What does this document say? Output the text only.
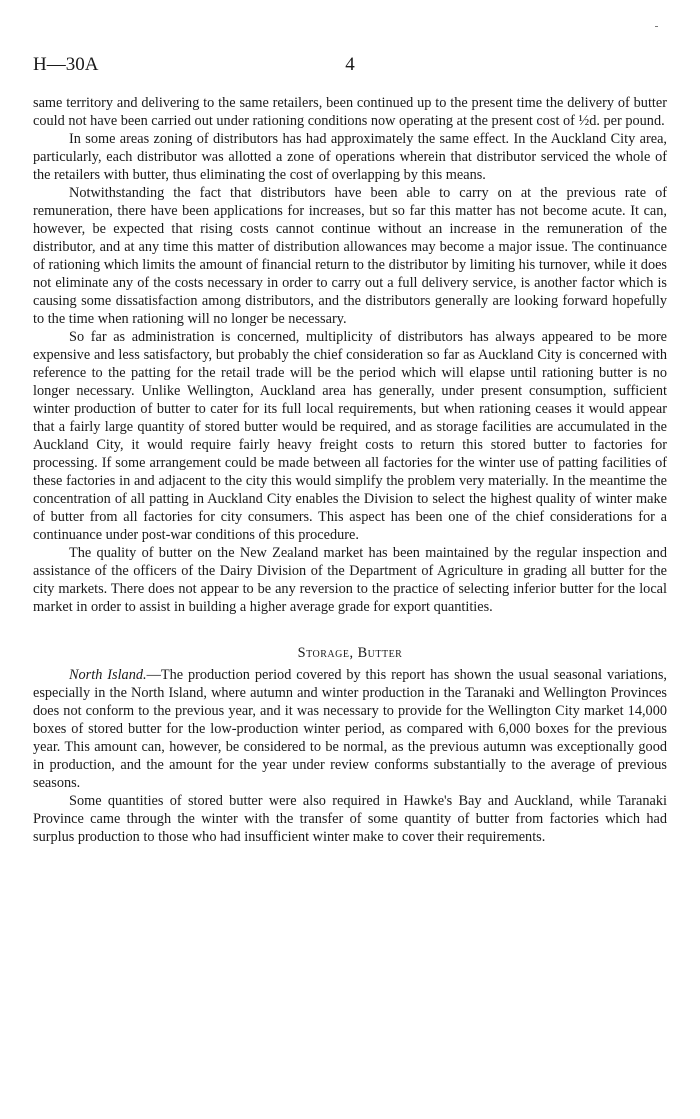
H—30A	4

same territory and delivering to the same retailers, been continued up to the present time the delivery of butter could not have been carried out under rationing conditions now operating at the present cost of ½d. per pound.

In some areas zoning of distributors has had approximately the same effect. In the Auckland City area, particularly, each distributor was allotted a zone of operations wherein that distributor serviced the whole of the retailers with butter, thus eliminating the cost of overlapping by this means.

Notwithstanding the fact that distributors have been able to carry on at the previous rate of remuneration, there have been applications for increases, but so far this matter has not become acute. It can, however, be expected that rising costs cannot continue without an increase in the remuneration of the distributor, and at any time this matter of distribution allowances may become a major issue. The continuance of rationing which limits the amount of financial return to the distributor by limiting his turnover, while it does not eliminate any of the costs necessary in order to carry out a full delivery service, is another factor which is causing some dissatisfaction among distributors, and the distributors generally are looking forward hopefully to the time when rationing will no longer be necessary.

So far as administration is concerned, multiplicity of distributors has always appeared to be more expensive and less satisfactory, but probably the chief consideration so far as Auckland City is concerned with reference to the patting for the retail trade will be the period which will elapse until rationing butter is no longer necessary. Unlike Wellington, Auckland area has generally, under present consumption, sufficient winter production of butter to cater for its full local requirements, but when rationing ceases it would appear that a fairly large quantity of stored butter would be required, and as storage facilities are accumulated in the Auckland City, it would require fairly heavy freight costs to return this stored butter to factories for processing. If some arrangement could be made between all factories for the winter use of patting facilities of these factories in and adjacent to the city this would simplify the problem very materially. In the meantime the concentration of all patting in Auckland City enables the Division to select the highest quality of winter make of butter from all factories for city consumers. This aspect has been one of the chief considerations for a continuance under post-war conditions of this procedure.

The quality of butter on the New Zealand market has been maintained by the regular inspection and assistance of the officers of the Dairy Division of the Department of Agriculture in grading all butter for the city markets. There does not appear to be any reversion to the practice of selecting inferior butter for the local market in order to assist in building a higher average grade for export quantities.

Storage, Butter

North Island.—The production period covered by this report has shown the usual seasonal variations, especially in the North Island, where autumn and winter production in the Taranaki and Wellington Provinces does not conform to the previous year, and it was necessary to provide for the Wellington City market 14,000 boxes of stored butter for the low-production winter period, as compared with 6,000 boxes for the previous year. This amount can, however, be considered to be normal, as the previous autumn was exceptionally good in production, and the amount for the year under review conforms substantially to the average of previous seasons.

Some quantities of stored butter were also required in Hawke's Bay and Auckland, while Taranaki Province came through the winter with the transfer of some quantity of butter from factories which had surplus production to those who had insufficient winter make to cover their requirements.
